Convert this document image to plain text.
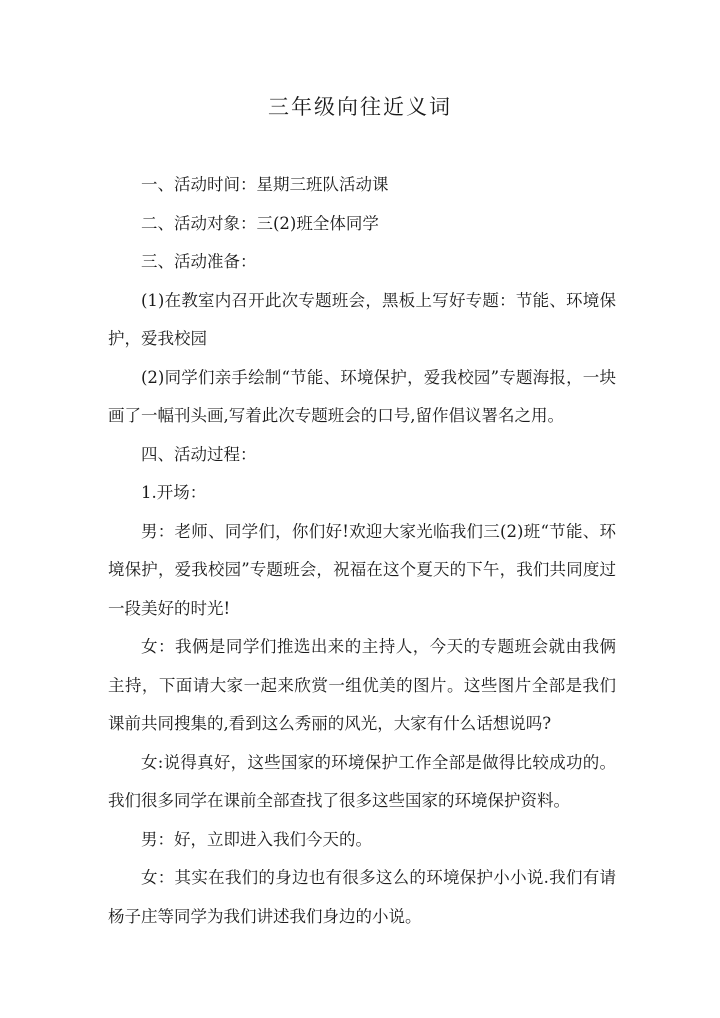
三年级向往近义词

一、活动时间：星期三班队活动课

二、活动对象：三(2)班全体同学

三、活动准备：

(1)在教室内召开此次专题班会，黑板上写好专题：节能、环境保护，爱我校园

(2)同学们亲手绘制“节能、环境保护，爱我校园”专题海报，一块画了一幅刊头画,写着此次专题班会的口号,留作倡议署名之用。

四、活动过程：

1.开场：

男：老师、同学们，你们好!欢迎大家光临我们三(2)班“节能、环境保护，爱我校园”专题班会，祝福在这个夏天的下午，我们共同度过一段美好的时光!

女：我俩是同学们推选出来的主持人，今天的专题班会就由我俩主持，下面请大家一起来欣赏一组优美的图片。这些图片全部是我们课前共同搜集的,看到这么秀丽的风光，大家有什么话想说吗?

女:说得真好，这些国家的环境保护工作全部是做得比较成功的。我们很多同学在课前全部查找了很多这些国家的环境保护资料。

男：好，立即进入我们今天的。

女：其实在我们的身边也有很多这么的环境保护小小说.我们有请杨子庄等同学为我们讲述我们身边的小说。
